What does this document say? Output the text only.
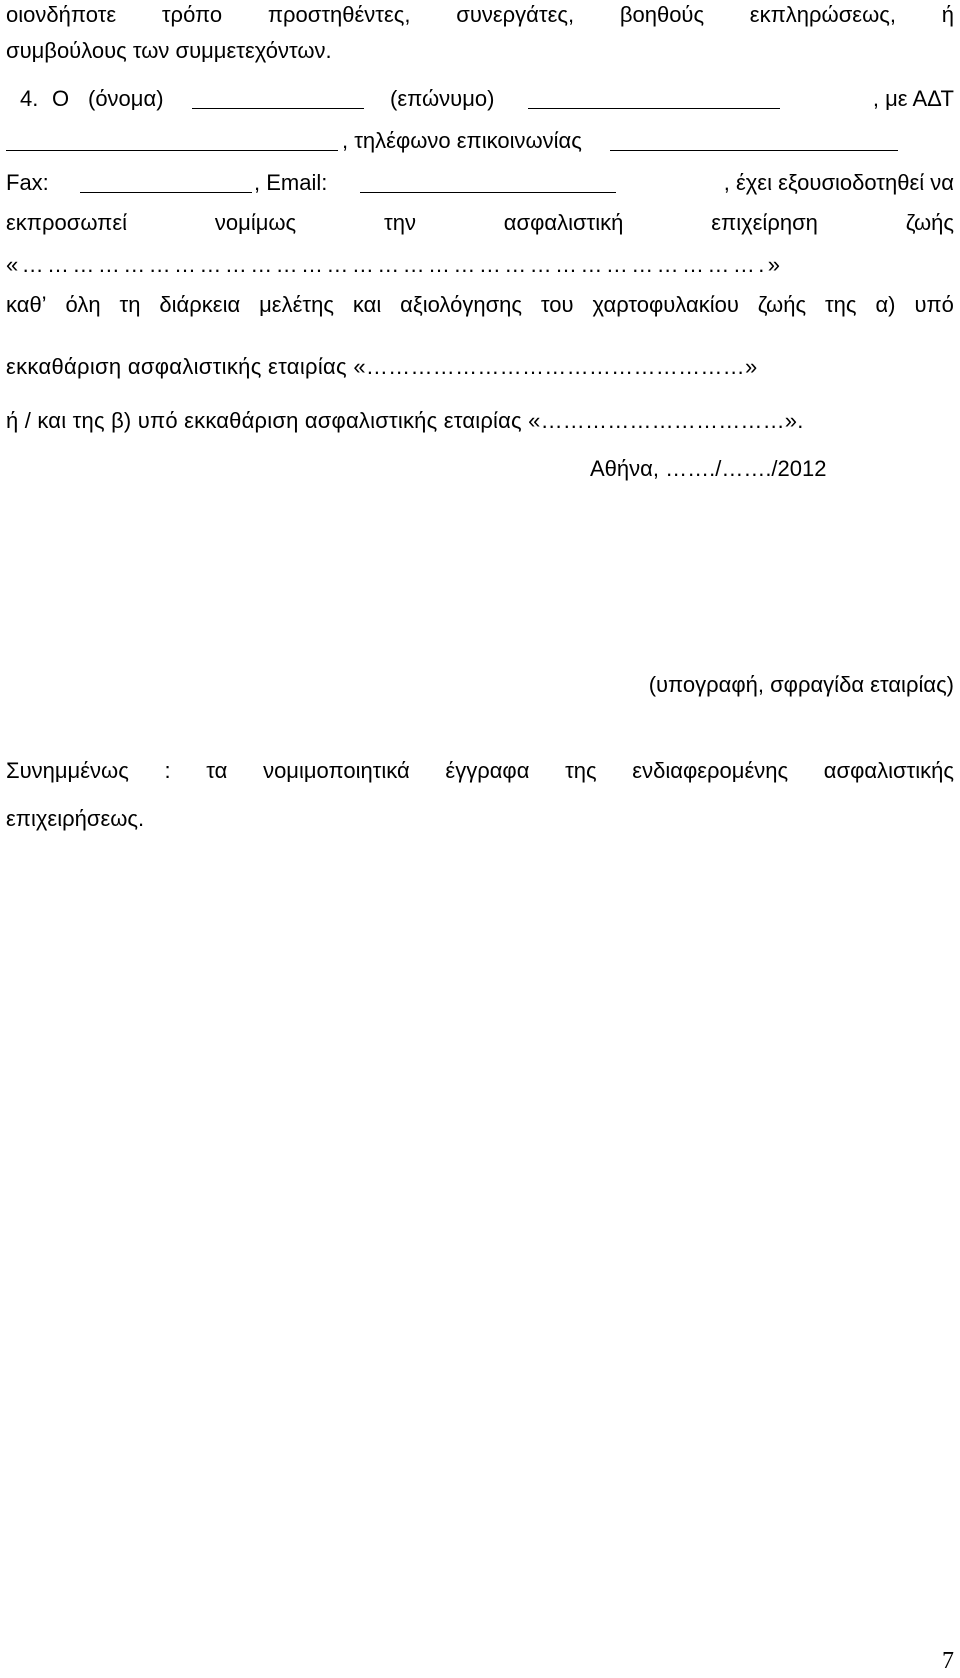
οιονδήποτε τρόπο προστηθέντες, συνεργάτες, βοηθούς εκπληρώσεως, ή
συμβούλους των συμμετεχόντων.
4. Ο (όνομα)	(επώνυμο)	, με ΑΔΤ
, τηλέφωνο επικοινωνίας
Fax:	, Email:	, έχει εξουσιοδοτηθεί να
εκπροσωπεί	νομίμως	την	ασφαλιστική	επιχείρηση	ζωής
«…………………………………………………………………………….»
καθ’ όλη τη διάρκεια μελέτης και αξιολόγησης του χαρτοφυλακίου ζωής της α) υπό
εκκαθάριση ασφαλιστικής εταιρίας «……………………………………………»
ή / και της β) υπό εκκαθάριση ασφαλιστικής εταιρίας «……………………………».
Αθήνα, ……./……./2012
(υπογραφή, σφραγίδα εταιρίας)
Συνημμένως : τα νομιμοποιητικά έγγραφα της ενδιαφερομένης ασφαλιστικής
επιχειρήσεως.
7
